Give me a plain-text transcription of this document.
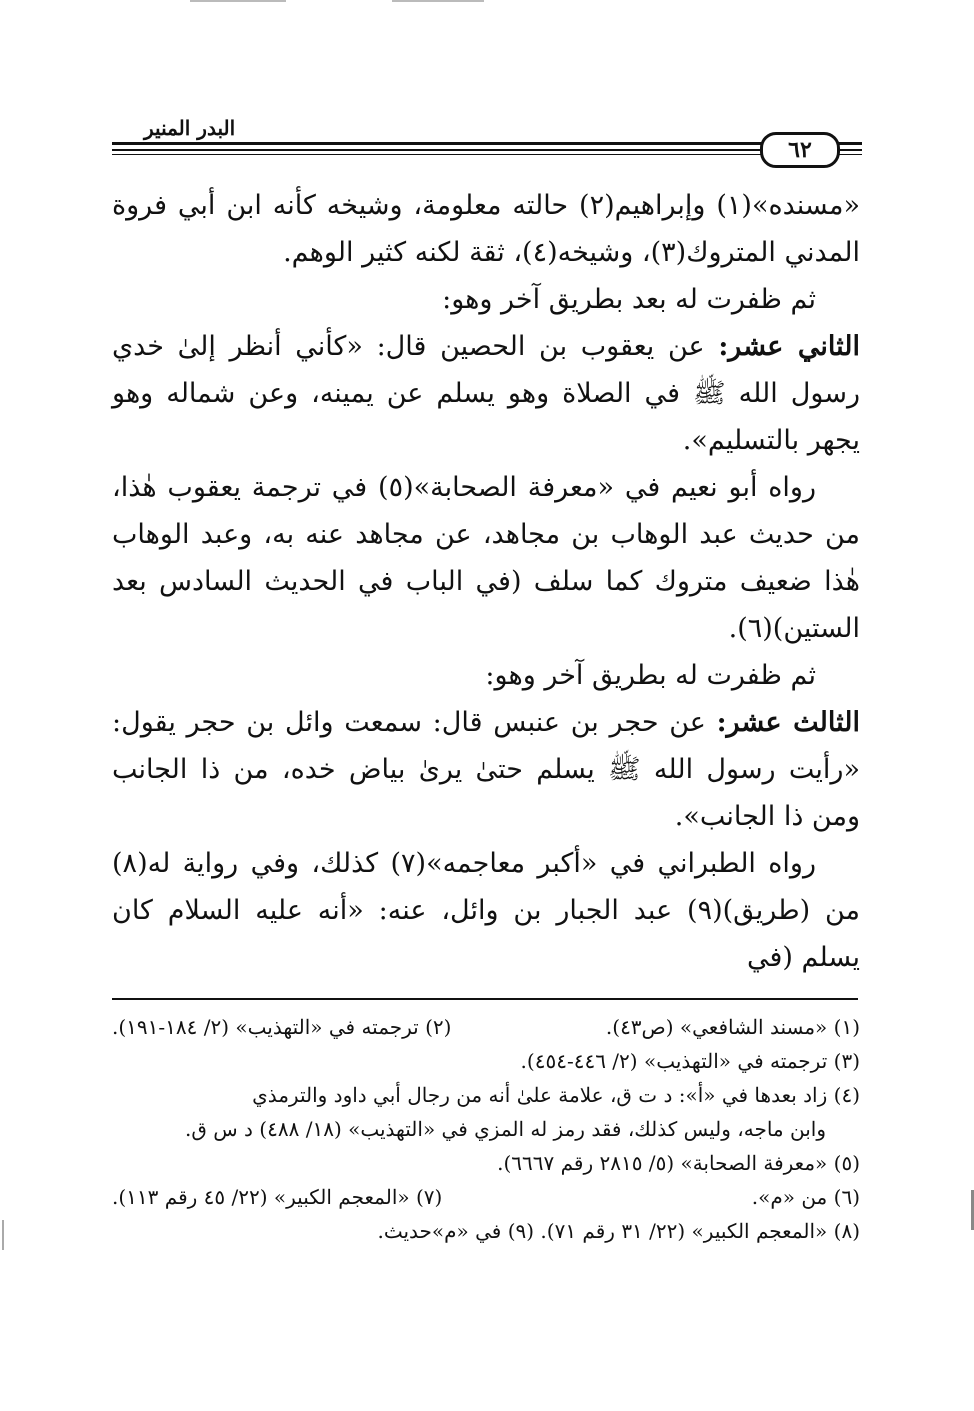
البدر المنير
٦٢

«مسنده»(١) وإبراهيم(٢) حالته معلومة، وشيخه كأنه ابن أبي فروة المدني المتروك(٣)، وشيخه(٤)، ثقة لكنه كثير الوهم.

ثم ظفرت له بعد بطريق آخر وهو:

الثاني عشر: عن يعقوب بن الحصين قال: «كأني أنظر إلىٰ خدي رسول الله ﷺ في الصلاة وهو يسلم عن يمينه، وعن شماله وهو يجهر بالتسليم».

رواه أبو نعيم في «معرفة الصحابة»(٥) في ترجمة يعقوب هٰذا، من حديث عبد الوهاب بن مجاهد، عن مجاهد عنه به، وعبد الوهاب هٰذا ضعيف متروك كما سلف (في الباب في الحديث السادس بعد الستين)(٦).

ثم ظفرت له بطريق آخر وهو:

الثالث عشر: عن حجر بن عنبس قال: سمعت وائل بن حجر يقول: «رأيت رسول الله ﷺ يسلم حتىٰ يرىٰ بياض خده، من ذا الجانب ومن ذا الجانب».

رواه الطبراني في «أكبر معاجمه»(٧) كذلك، وفي رواية له(٨) من (طريق)(٩) عبد الجبار بن وائل، عنه: «أنه عليه السلام كان يسلم (في

(١) «مسند الشافعي» (ص٤٣).
(٢) ترجمته في «التهذيب» (٢/ ١٨٤-١٩١).
(٣) ترجمته في «التهذيب» (٢/ ٤٤٦-٤٥٤).
(٤) زاد بعدها في «أ»: د ت ق، علامة علىٰ أنه من رجال أبي داود والترمذي
وابن ماجه، وليس كذلك، فقد رمز له المزي في «التهذيب» (١٨/ ٤٨٨) د س ق.
(٥) «معرفة الصحابة» (٥/ ٢٨١٥ رقم ٦٦٦٧).
(٦) من «م».
(٧) «المعجم الكبير» (٢٢/ ٤٥ رقم ١١٣).
(٨) «المعجم الكبير» (٢٢/ ٣١ رقم ٧١). (٩) في «م»حديث.
